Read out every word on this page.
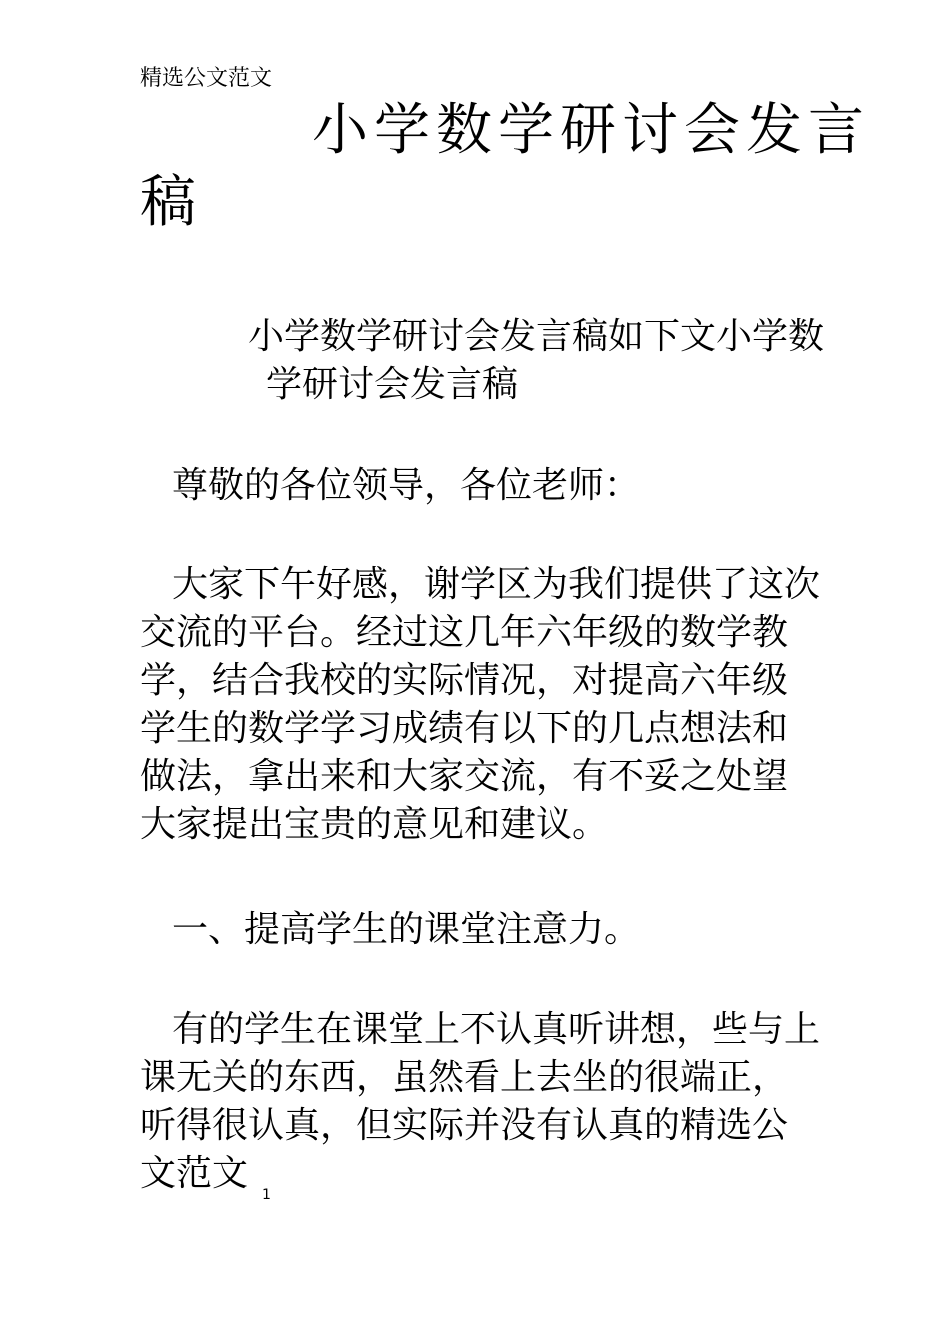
精选公文范文
小学数学研讨会发言
稿
小学数学研讨会发言稿如下文小学数
学研讨会发言稿

尊敬的各位领导，各位老师：

大家下午好感，谢学区为我们提供了这次
交流的平台。经过这几年六年级的数学教
学，结合我校的实际情况，对提高六年级
学生的数学学习成绩有以下的几点想法和
做法，拿出来和大家交流，有不妥之处望
大家提出宝贵的意见和建议。

一、提高学生的课堂注意力。

有的学生在课堂上不认真听讲想，些与上
课无关的东西，虽然看上去坐的很端正，
听得很认真，但实际并没有认真的精选公
文范文

1
